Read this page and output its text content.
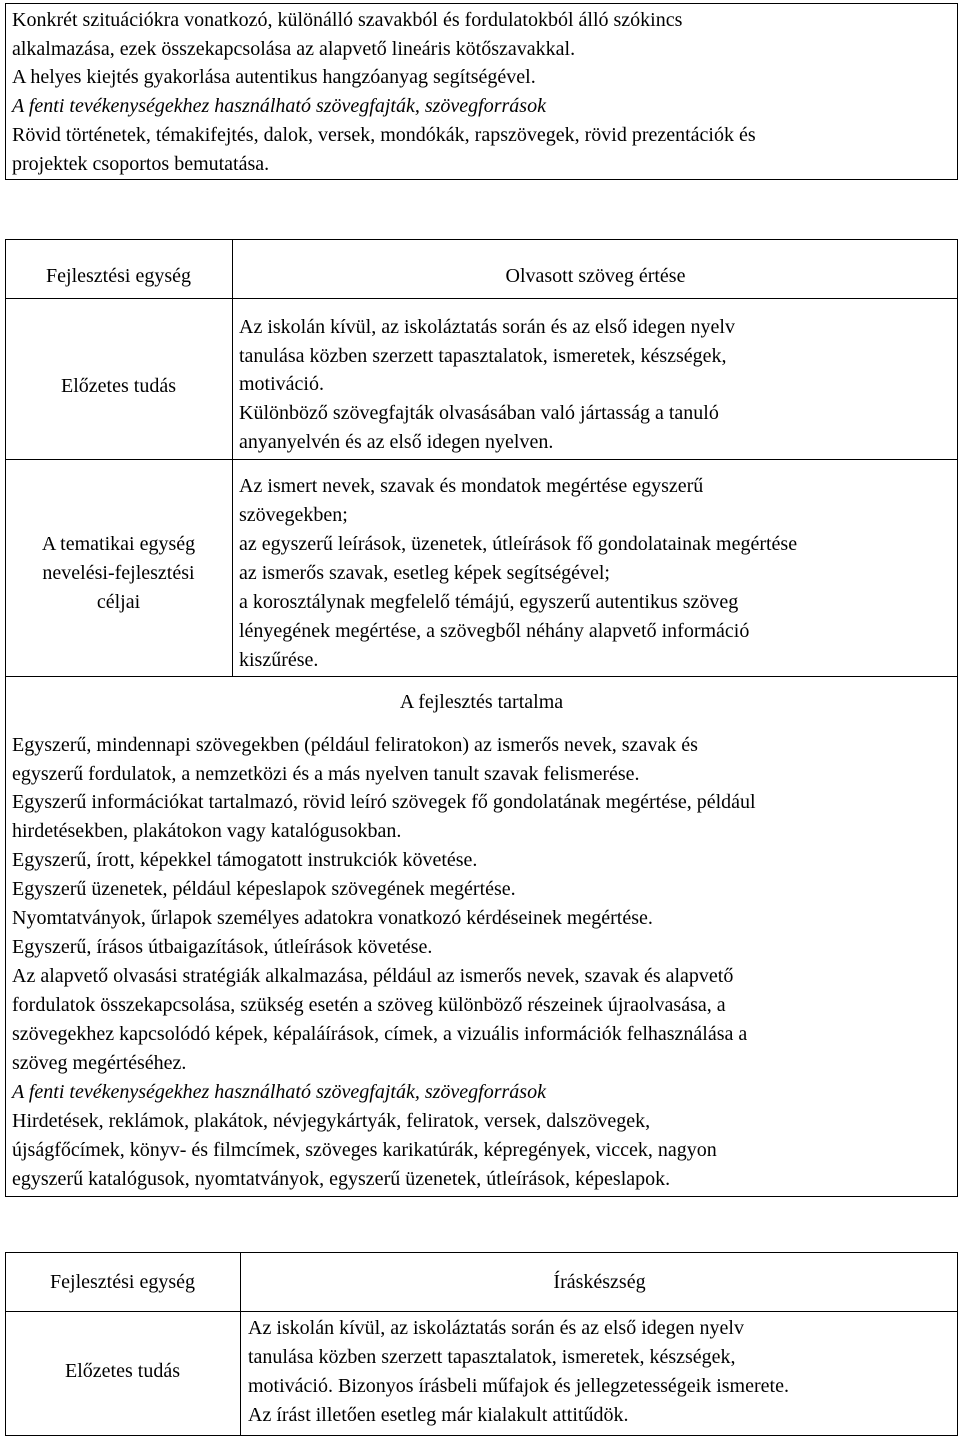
Konkrét szituációkra vonatkozó, különálló szavakból és fordulatokból álló szókincs
alkalmazása, ezek összekapcsolása az alapvető lineáris kötőszavakkal.
A helyes kiejtés gyakorlása autentikus hangzóanyag segítségével.
A fenti tevékenységekhez használható szövegfajták, szövegforrások
Rövid történetek, témakifejtés, dalok, versek, mondókák, rapszövegek, rövid prezentációk és
projektek csoportos bemutatása.
Fejlesztési egység	Olvasott szöveg értése
Előzetes tudás
Az iskolán kívül, az iskoláztatás során és az első idegen nyelv
tanulása közben szerzett tapasztalatok, ismeretek, készségek,
motiváció.
Különböző szövegfajták olvasásában való jártasság a tanuló
anyanyelvén és az első idegen nyelven.
A tematikai egység
nevelési-fejlesztési
céljai
Az ismert nevek, szavak és mondatok megértése egyszerű
szövegekben;
az egyszerű leírások, üzenetek, útleírások fő gondolatainak megértése
az ismerős szavak, esetleg képek segítségével;
a korosztálynak megfelelő témájú, egyszerű autentikus szöveg
lényegének megértése, a szövegből néhány alapvető információ
kiszűrése.
A fejlesztés tartalma
Egyszerű, mindennapi szövegekben (például feliratokon) az ismerős nevek, szavak és
egyszerű fordulatok, a nemzetközi és a más nyelven tanult szavak felismerése.
Egyszerű információkat tartalmazó, rövid leíró szövegek fő gondolatának megértése, például
hirdetésekben, plakátokon vagy katalógusokban.
Egyszerű, írott, képekkel támogatott instrukciók követése.
Egyszerű üzenetek, például képeslapok szövegének megértése.
Nyomtatványok, űrlapok személyes adatokra vonatkozó kérdéseinek megértése.
Egyszerű, írásos útbaigazítások, útleírások követése.
Az alapvető olvasási stratégiák alkalmazása, például az ismerős nevek, szavak és alapvető
fordulatok összekapcsolása, szükség esetén a szöveg különböző részeinek újraolvasása, a
szövegekhez kapcsolódó képek, képaláírások, címek, a vizuális információk felhasználása a
szöveg megértéséhez.
A fenti tevékenységekhez használható szövegfajták, szövegforrások
Hirdetések, reklámok, plakátok, névjegykártyák, feliratok, versek, dalszövegek,
újságfőcímek, könyv- és filmcímek, szöveges karikatúrák, képregények, viccek, nagyon
egyszerű katalógusok, nyomtatványok, egyszerű üzenetek, útleírások, képeslapok.
Fejlesztési egység	Íráskészség
Előzetes tudás
Az iskolán kívül, az iskoláztatás során és az első idegen nyelv
tanulása közben szerzett tapasztalatok, ismeretek, készségek,
motiváció. Bizonyos írásbeli műfajok és jellegzetességeik ismerete.
Az írást illetően esetleg már kialakult attitűdök.
